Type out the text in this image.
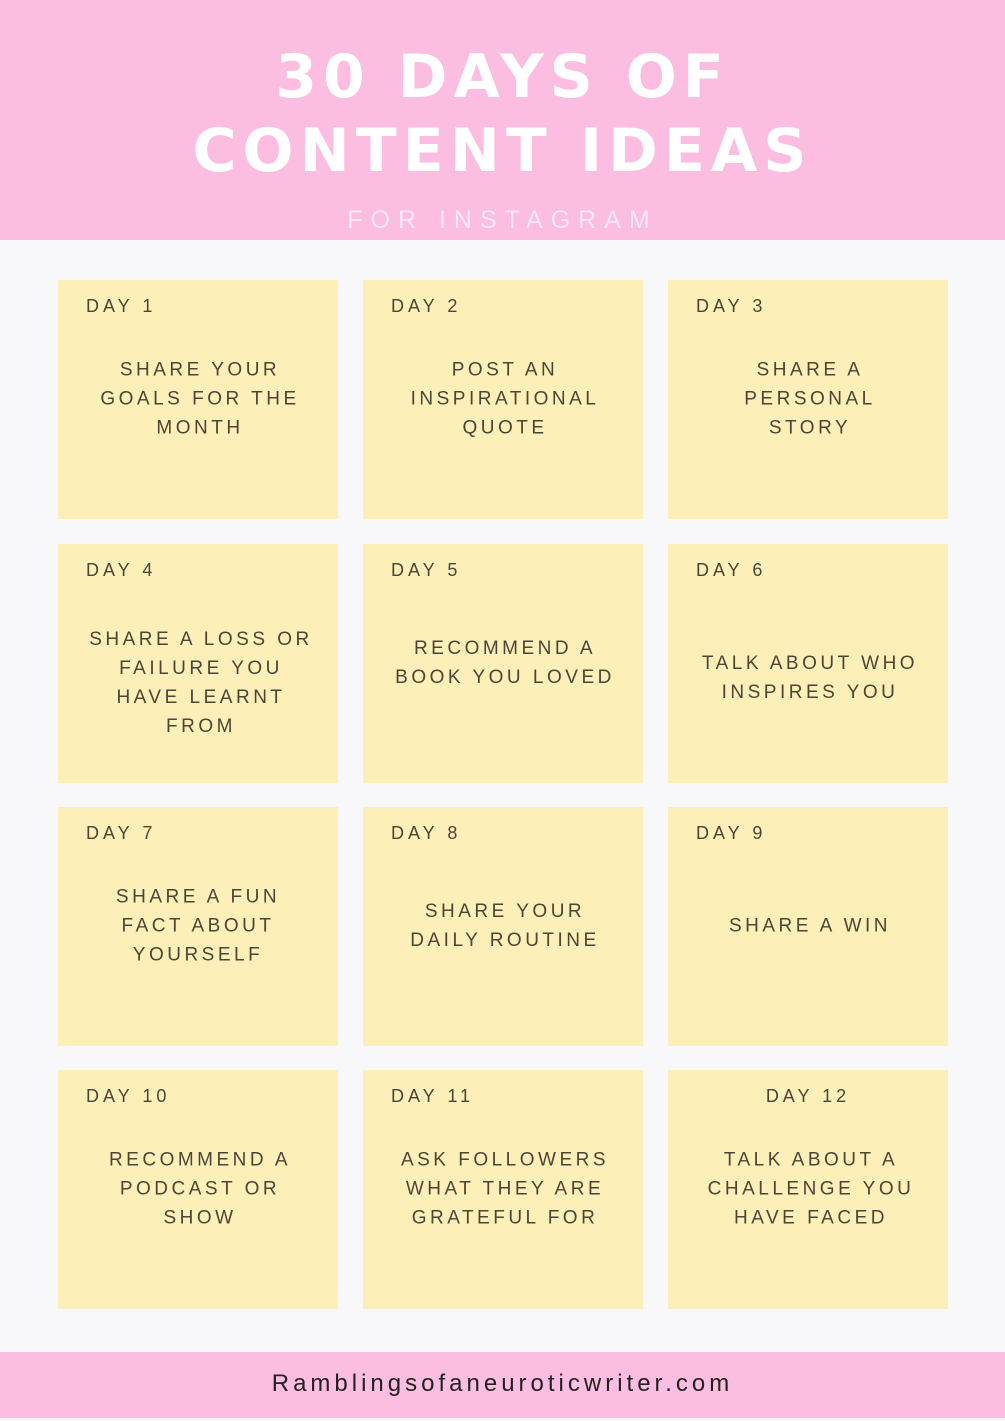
30 DAYS OF
CONTENT IDEAS
FOR INSTAGRAM
DAY 1
SHARE YOUR GOALS FOR THE MONTH
DAY 2
POST AN INSPIRATIONAL QUOTE
DAY 3
SHARE A PERSONAL STORY
DAY 4
SHARE A LOSS OR FAILURE YOU HAVE LEARNT FROM
DAY 5
RECOMMEND A BOOK YOU LOVED
DAY 6
TALK ABOUT WHO INSPIRES YOU
DAY 7
SHARE A FUN FACT ABOUT YOURSELF
DAY 8
SHARE YOUR DAILY ROUTINE
DAY 9
SHARE A WIN
DAY 10
RECOMMEND A PODCAST OR SHOW
DAY 11
ASK FOLLOWERS WHAT THEY ARE GRATEFUL FOR
DAY 12
TALK ABOUT A CHALLENGE YOU HAVE FACED
Ramblingsofaneuroticwriter.com
